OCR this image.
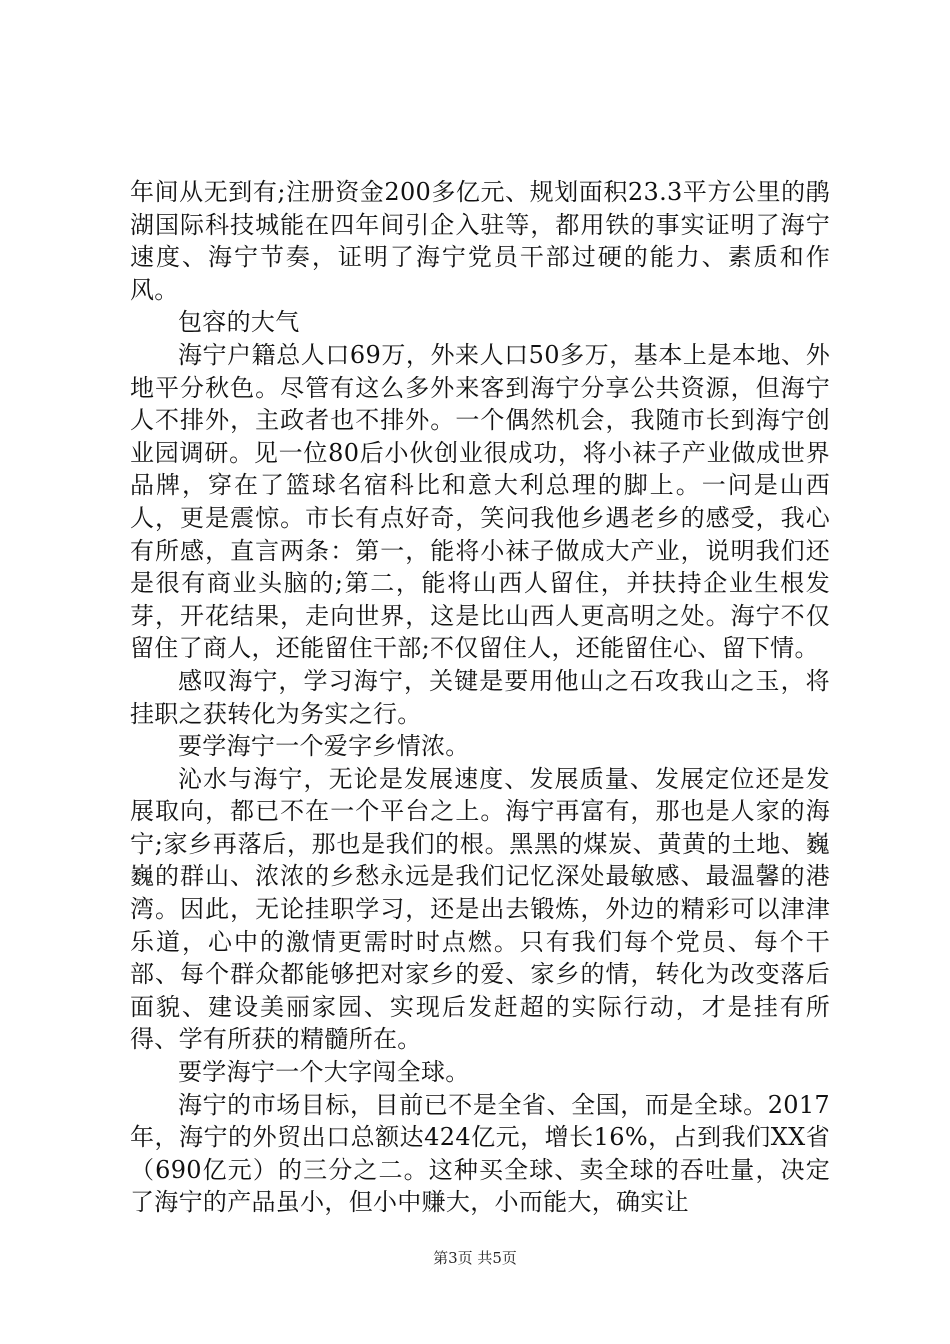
年间从无到有;注册资金200多亿元、规划面积23.3平方公里的鹃湖国际科技城能在四年间引企入驻等，都用铁的事实证明了海宁速度、海宁节奏，证明了海宁党员干部过硬的能力、素质和作风。

包容的大气

海宁户籍总人口69万，外来人口50多万，基本上是本地、外地平分秋色。尽管有这么多外来客到海宁分享公共资源，但海宁人不排外，主政者也不排外。一个偶然机会，我随市长到海宁创业园调研。见一位80后小伙创业很成功，将小袜子产业做成世界品牌，穿在了篮球名宿科比和意大利总理的脚上。一问是山西人，更是震惊。市长有点好奇，笑问我他乡遇老乡的感受，我心有所感，直言两条：第一，能将小袜子做成大产业，说明我们还是很有商业头脑的;第二，能将山西人留住，并扶持企业生根发芽，开花结果，走向世界，这是比山西人更高明之处。海宁不仅留住了商人，还能留住干部;不仅留住人，还能留住心、留下情。

感叹海宁，学习海宁，关键是要用他山之石攻我山之玉，将挂职之获转化为务实之行。

要学海宁一个爱字乡情浓。

沁水与海宁，无论是发展速度、发展质量、发展定位还是发展取向，都已不在一个平台之上。海宁再富有，那也是人家的海宁;家乡再落后，那也是我们的根。黑黑的煤炭、黄黄的土地、巍巍的群山、浓浓的乡愁永远是我们记忆深处最敏感、最温馨的港湾。因此，无论挂职学习，还是出去锻炼，外边的精彩可以津津乐道，心中的激情更需时时点燃。只有我们每个党员、每个干部、每个群众都能够把对家乡的爱、家乡的情，转化为改变落后面貌、建设美丽家园、实现后发赶超的实际行动，才是挂有所得、学有所获的精髓所在。

要学海宁一个大字闯全球。

海宁的市场目标，目前已不是全省、全国，而是全球。2017年，海宁的外贸出口总额达424亿元，增长16%，占到我们XX省（690亿元）的三分之二。这种买全球、卖全球的吞吐量，决定了海宁的产品虽小，但小中赚大，小而能大，确实让

第3页 共5页
